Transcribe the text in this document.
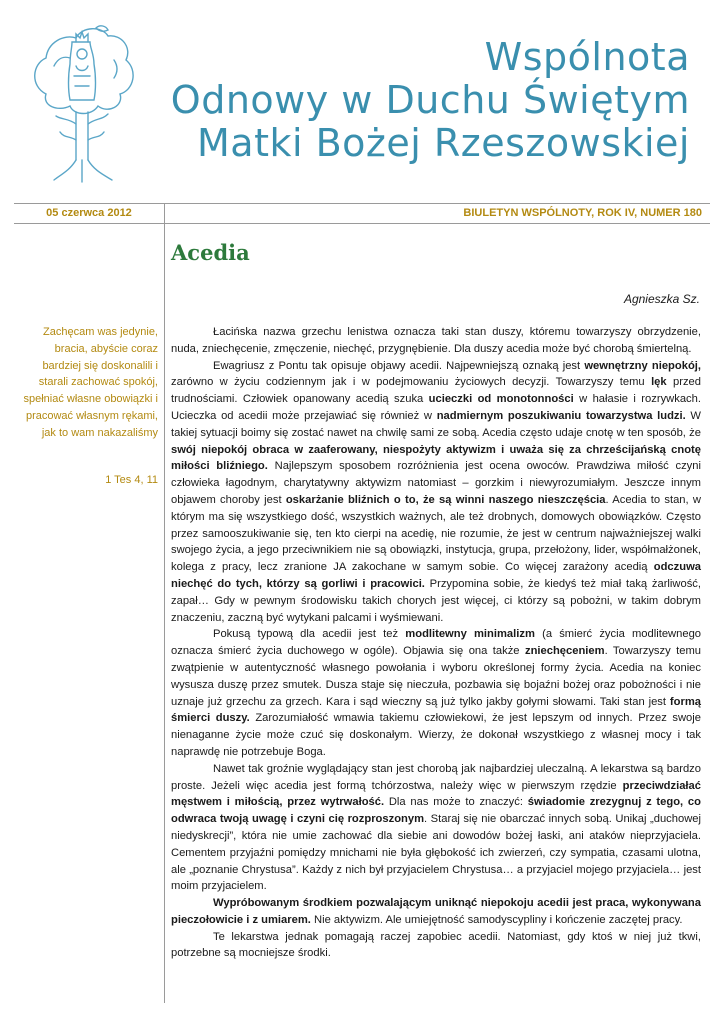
Wspólnota
Odnowy w Duchu Świętym
Matki Bożej Rzeszowskiej
05 czerwca 2012	BIULETYN WSPÓLNOTY, ROK IV, NUMER 180
Acedia
Agnieszka Sz.
Zachęcam was jedynie, bracia, abyście coraz bardziej się doskonalili i starali zachować spokój, spełniać własne obowiązki i pracować własnym rękami, jak to wam nakazaliśmy
1 Tes 4, 11

Łacińska nazwa grzechu lenistwa oznacza taki stan duszy, któremu towarzyszy obrzydzenie, nuda, zniechęcenie, zmęczenie, niechęć, przygnębienie. Dla duszy acedia może być chorobą śmiertelną.

Ewagriusz z Pontu tak opisuje objawy acedii. Najpewniejszą oznaką jest wewnętrzny niepokój, zarówno w życiu codziennym jak i w podejmowaniu życiowych decyzji. Towarzyszy temu lęk przed trudnościami. Człowiek opanowany acedią szuka ucieczki od monotonności w hałasie i rozrywkach. Ucieczka od acedii może przejawiać się również w nadmiernym poszukiwaniu towarzystwa ludzi. W takiej sytuacji boimy się zostać nawet na chwilę sami ze sobą. Acedia często udaje cnotę w ten sposób, że swój niepokój obraca w zaaferowany, niespożyty aktywizm i uważa się za chrześcijańską cnotę miłości bliźniego. Najlepszym sposobem rozróżnienia jest ocena owoców. Prawdziwa miłość czyni człowieka łagodnym, charytatywny aktywizm natomiast – gorzkim i niewyrozumiałym. Jeszcze innym objawem choroby jest oskarżanie bliźnich o to, że są winni naszego nieszczęścia. Acedia to stan, w którym ma się wszystkiego dość, wszystkich ważnych, ale też drobnych, domowych obowiązków. Często przez samooszukiwanie się, ten kto cierpi na acedię, nie rozumie, że jest w centrum najważniejszej walki swojego życia, a jego przeciwnikiem nie są obowiązki, instytucja, grupa, przełożony, lider, współmałżonek, kolega z pracy, lecz zranione JA zakochane w samym sobie. Co więcej zarażony acedią odczuwa niechęć do tych, którzy są gorliwi i pracowici. Przypomina sobie, że kiedyś też miał taką żarliwość, zapał… Gdy w pewnym środowisku takich chorych jest więcej, ci którzy są pobożni, w takim dobrym znaczeniu, zaczną być wytykani palcami i wyśmiewani.

Pokusą typową dla acedii jest też modlitewny minimalizm (a śmierć życia modlitewnego oznacza śmierć życia duchowego w ogóle). Objawia się ona także zniechęceniem. Towarzyszy temu zwątpienie w autentyczność własnego powołania i wyboru określonej formy życia. Acedia na koniec wysusza duszę przez smutek. Dusza staje się nieczuła, pozbawia się bojaźni bożej oraz pobożności i nie uznaje już grzechu za grzech. Kara i sąd wieczny są już tylko jakby gołymi słowami. Taki stan jest formą śmierci duszy. Zarozumiałość wmawia takiemu człowiekowi, że jest lepszym od innych. Przez swoje nienaganne życie może czuć się doskonałym. Wierzy, że dokonał wszystkiego z własnej mocy i tak naprawdę nie potrzebuje Boga.

Nawet tak groźnie wyglądający stan jest chorobą jak najbardziej uleczalną. A lekarstwa są bardzo proste. Jeżeli więc acedia jest formą tchórzostwa, należy więc w pierwszym rzędzie przeciwdziałać męstwem i miłością, przez wytrwałość. Dla nas może to znaczyć: świadomie zrezygnuj z tego, co odwraca twoją uwagę i czyni cię rozproszonym. Staraj się nie obarczać innych sobą. Unikaj „duchowej niedyskrecji”, która nie umie zachować dla siebie ani dowodów bożej łaski, ani ataków nieprzyjaciela. Cementem przyjaźni pomiędzy mnichami nie była głębokość ich zwierzeń, czy sympatia, czasami ulotna, ale „poznanie Chrystusa”. Każdy z nich był przyjacielem Chrystusa… a przyjaciel mojego przyjaciela… jest moim przyjacielem.

Wypróbowanym środkiem pozwalającym uniknąć niepokoju acedii jest praca, wykonywana pieczołowicie i z umiarem. Nie aktywizm. Ale umiejętność samodyscypliny i kończenie zaczętej pracy.

Te lekarstwa jednak pomagają raczej zapobiec acedii. Natomiast, gdy ktoś w niej już tkwi, potrzebne są mocniejsze środki.
